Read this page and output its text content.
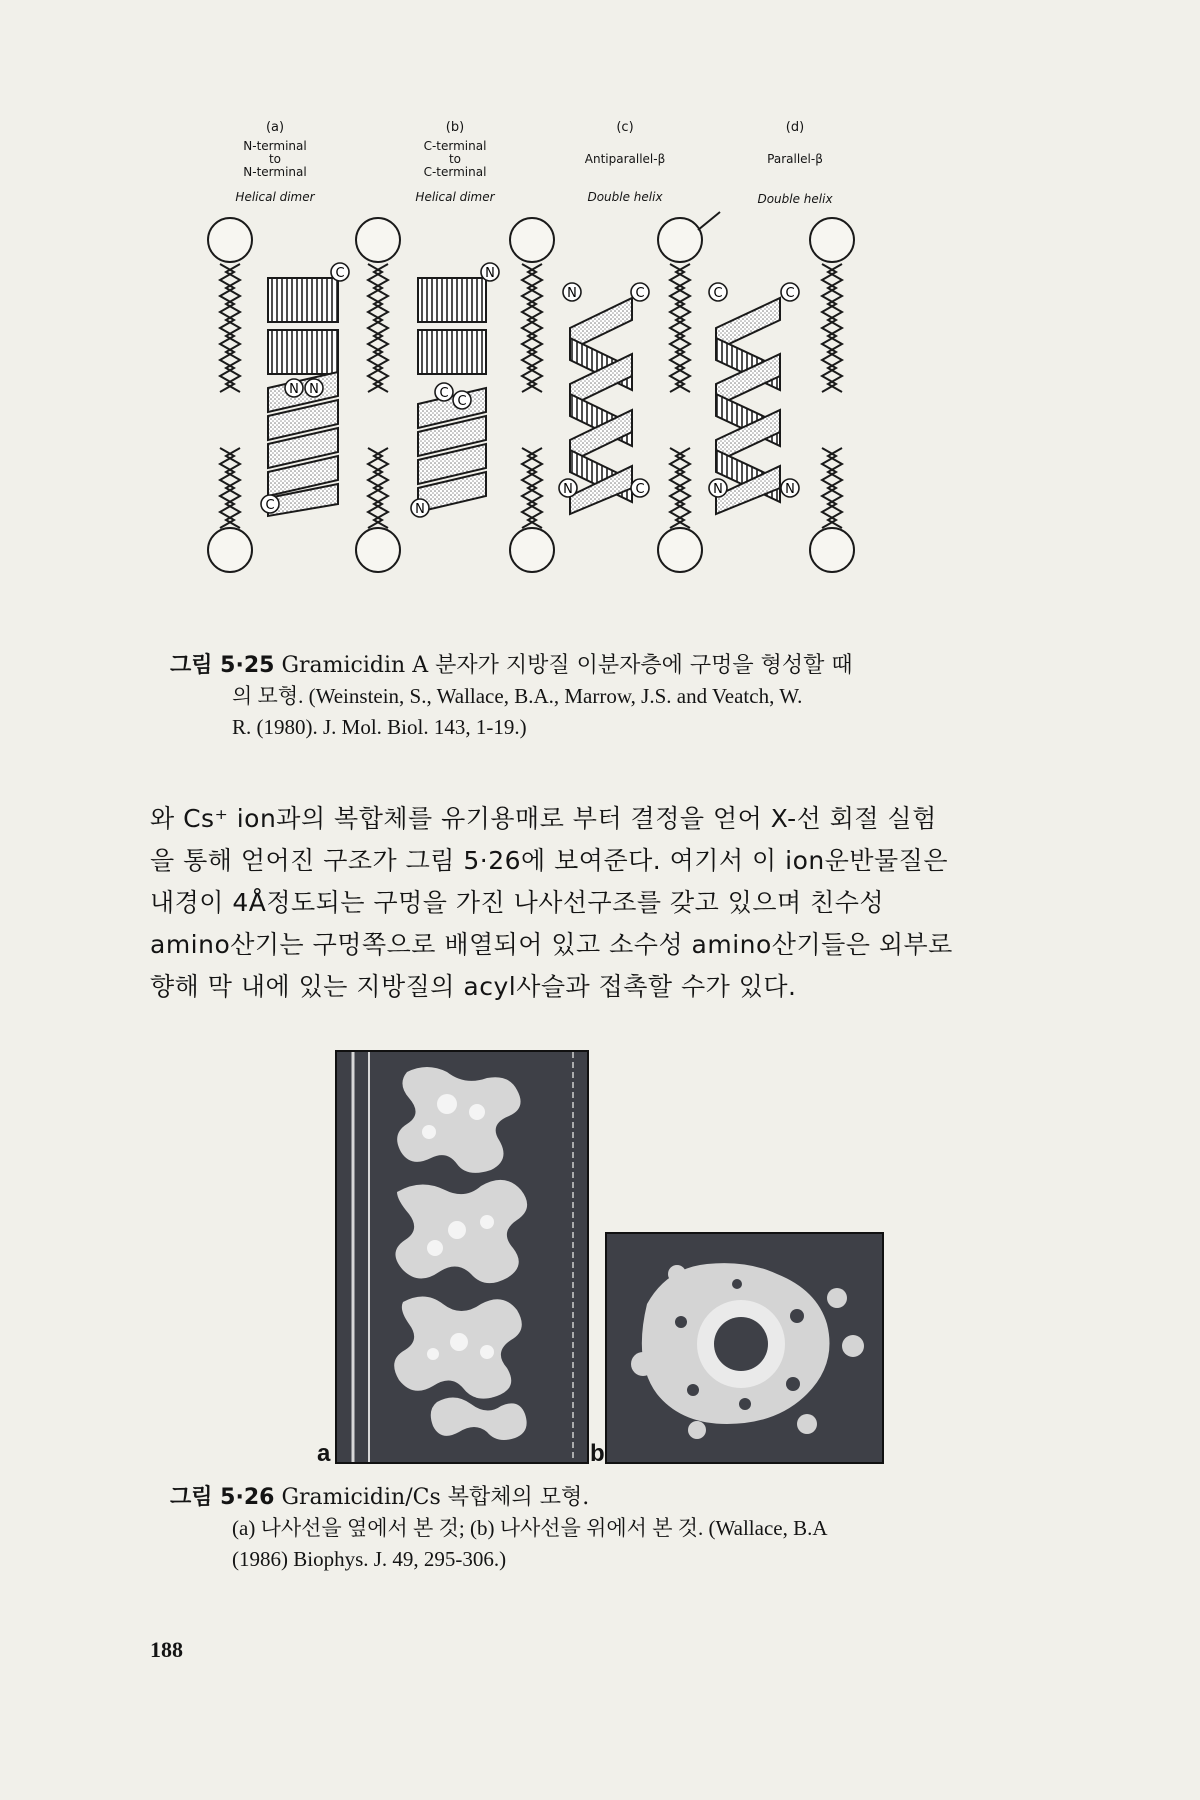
(a)
N-terminal
to
N-terminal
Helical dimer
(b)
C-terminal
to
C-terminal
Helical dimer
(c)
Antiparallel-β
Double helix
(d)
Parallel-β
Double helix
C
N N
C
N
C
C
N
N	C
N	C
C	C
N	N
그림 5·25 Gramicidin A 분자가 지방질 이분자층에 구멍을 형성할 때
의 모형. (Weinstein, S., Wallace, B.A., Marrow, J.S. and Veatch, W.
R. (1980). J. Mol. Biol. 143, 1-19.)
와 Cs⁺ ion과의 복합체를 유기용매로 부터 결정을 얻어 X-선 회절 실험
을 통해 얻어진 구조가 그림 5·26에 보여준다. 여기서 이 ion운반물질은
내경이 4Å정도되는 구멍을 가진 나사선구조를 갖고 있으며 친수성
amino산기는 구멍쪽으로 배열되어 있고 소수성 amino산기들은 외부로
향해 막 내에 있는 지방질의 acyl사슬과 접촉할 수가 있다.
a	b
그림 5·26 Gramicidin/Cs 복합체의 모형.
(a) 나사선을 옆에서 본 것; (b) 나사선을 위에서 본 것. (Wallace, B.A
(1986) Biophys. J. 49, 295-306.)
188
